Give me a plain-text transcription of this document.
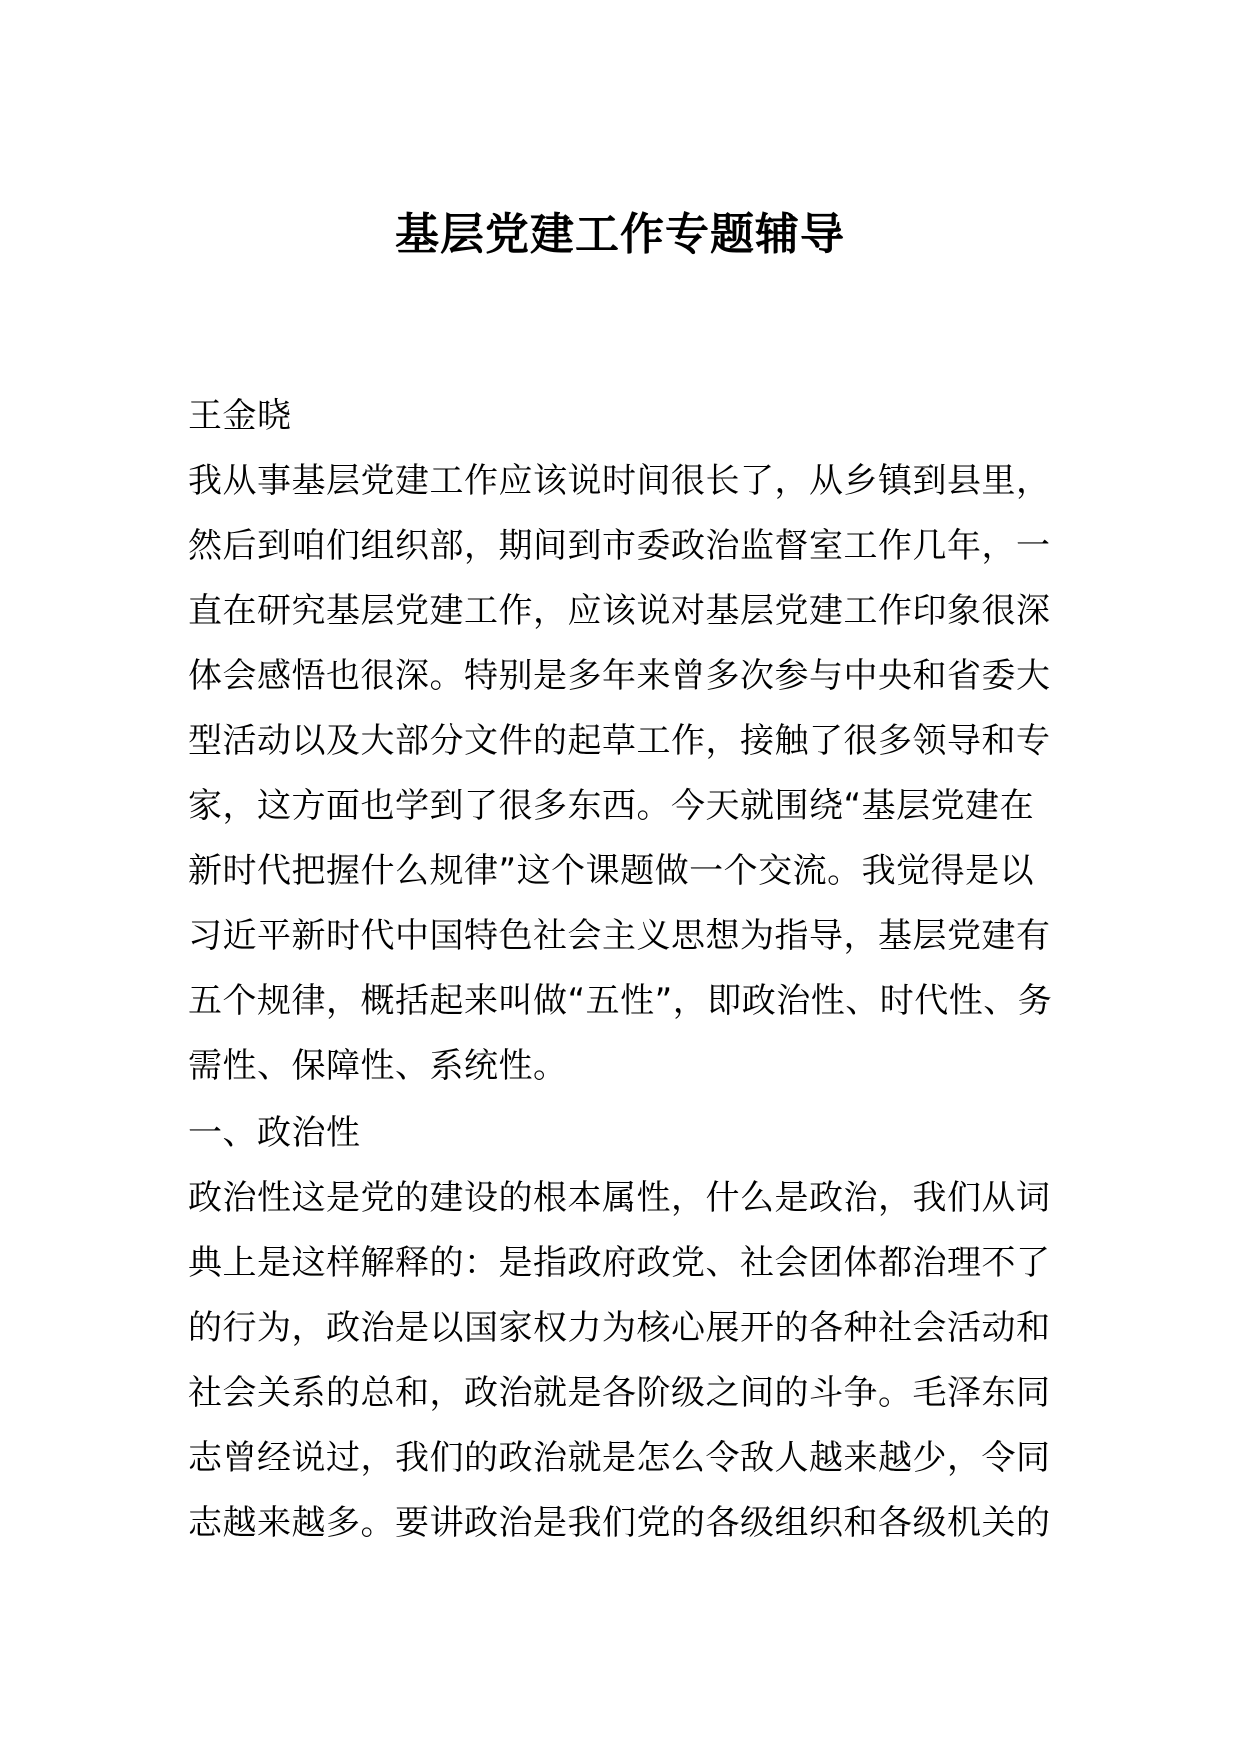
基层党建工作专题辅导
王金晓
我从事基层党建工作应该说时间很长了，从乡镇到县里，然后到咱们组织部，期间到市委政治监督室工作几年，一直在研究基层党建工作，应该说对基层党建工作印象很深体会感悟也很深。特别是多年来曾多次参与中央和省委大型活动以及大部分文件的起草工作，接触了很多领导和专家，这方面也学到了很多东西。今天就围绕“基层党建在新时代把握什么规律”这个课题做一个交流。我觉得是以习近平新时代中国特色社会主义思想为指导，基层党建有五个规律，概括起来叫做“五性”，即政治性、时代性、务需性、保障性、系统性。
一、政治性
政治性这是党的建设的根本属性，什么是政治，我们从词典上是这样解释的：是指政府政党、社会团体都治理不了的行为，政治是以国家权力为核心展开的各种社会活动和社会关系的总和，政治就是各阶级之间的斗争。毛泽东同志曾经说过，我们的政治就是怎么令敌人越来越少，令同志越来越多。要讲政治是我们党的各级组织和各级机关的
